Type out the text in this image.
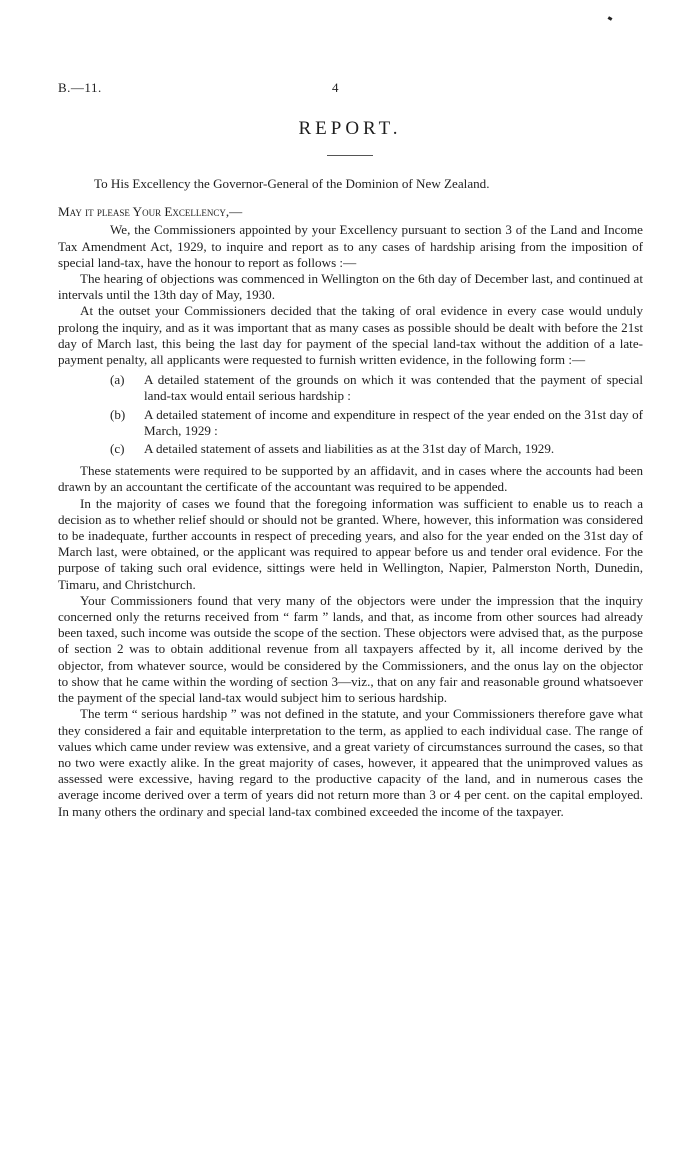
B.—11.	4
REPORT.

To His Excellency the Governor-General of the Dominion of New Zealand.

May it please Your Excellency,—

We, the Commissioners appointed by your Excellency pursuant to section 3 of the Land and Income Tax Amendment Act, 1929, to inquire and report as to any cases of hardship arising from the imposition of special land-tax, have the honour to report as follows :—

The hearing of objections was commenced in Wellington on the 6th day of December last, and continued at intervals until the 13th day of May, 1930.

At the outset your Commissioners decided that the taking of oral evidence in every case would unduly prolong the inquiry, and as it was important that as many cases as possible should be dealt with before the 21st day of March last, this being the last day for payment of the special land-tax without the addition of a late-payment penalty, all applicants were requested to furnish written evidence, in the following form :—

(a)	A detailed statement of the grounds on which it was contended that the payment of special land-tax would entail serious hardship :
(b)	A detailed statement of income and expenditure in respect of the year ended on the 31st day of March, 1929 :
(c)	A detailed statement of assets and liabilities as at the 31st day of March, 1929.

These statements were required to be supported by an affidavit, and in cases where the accounts had been drawn by an accountant the certificate of the accountant was required to be appended.

In the majority of cases we found that the foregoing information was sufficient to enable us to reach a decision as to whether relief should or should not be granted. Where, however, this information was considered to be inadequate, further accounts in respect of preceding years, and also for the year ended on the 31st day of March last, were obtained, or the applicant was required to appear before us and tender oral evidence. For the purpose of taking such oral evidence, sittings were held in Wellington, Napier, Palmerston North, Dunedin, Timaru, and Christchurch.

Your Commissioners found that very many of the objectors were under the impression that the inquiry concerned only the returns received from “ farm ” lands, and that, as income from other sources had already been taxed, such income was outside the scope of the section. These objectors were advised that, as the purpose of section 2 was to obtain additional revenue from all taxpayers affected by it, all income derived by the objector, from whatever source, would be considered by the Commissioners, and the onus lay on the objector to show that he came within the wording of section 3—viz., that on any fair and reasonable ground whatsoever the payment of the special land-tax would subject him to serious hardship.

The term “ serious hardship ” was not defined in the statute, and your Commissioners therefore gave what they considered a fair and equitable interpretation to the term, as applied to each individual case. The range of values which came under review was extensive, and a great variety of circumstances surround the cases, so that no two were exactly alike. In the great majority of cases, however, it appeared that the unimproved values as assessed were excessive, having regard to the productive capacity of the land, and in numerous cases the average income derived over a term of years did not return more than 3 or 4 per cent. on the capital employed. In many others the ordinary and special land-tax combined exceeded the income of the taxpayer.
